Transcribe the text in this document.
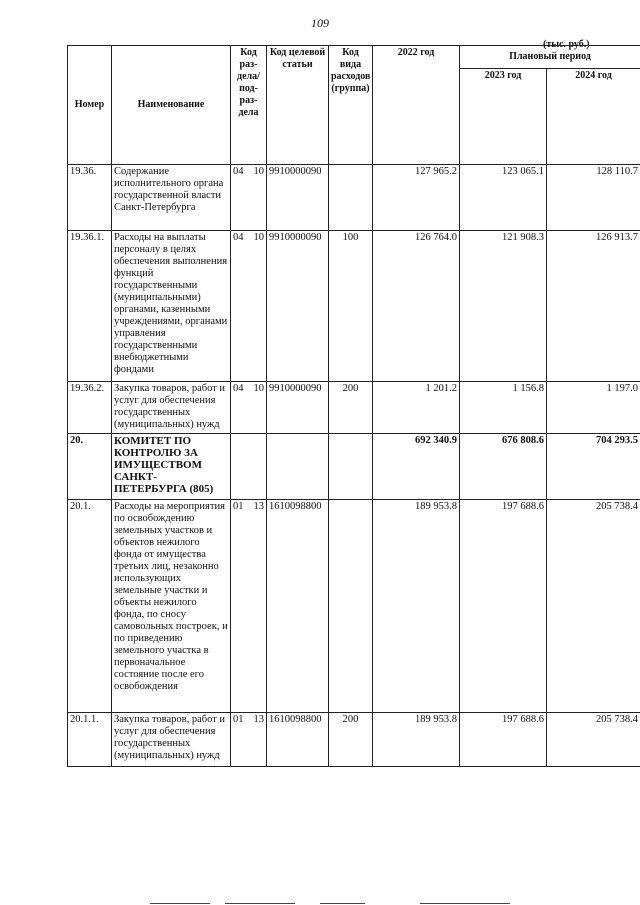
109
(тыс. руб.)
Номер	Наименование	Код раз-дела/под-раз-дела	Код целевой статьи	Код вида расходов (группа)	2022 год	Плановый период	
						2023 год	2024 год
19.36.	Содержание исполнительного органа государственной власти Санкт-Петербурга	04 10	9910000090		127 965.2	123 065.1	128 110.7
19.36.1.	Расходы на выплаты персоналу в целях обеспечения выполнения функций государственными (муниципальными) органами, казенными учреждениями, органами управления государственными внебюджетными фондами	04 10	9910000090	100	126 764.0	121 908.3	126 913.7
19.36.2.	Закупка товаров, работ и услуг для обеспечения государственных (муниципальных) нужд	04 10	9910000090	200	1 201.2	1 156.8	1 197.0
20.	КОМИТЕТ ПО КОНТРОЛЮ ЗА ИМУЩЕСТВОМ САНКТ-ПЕТЕРБУРГА (805)				692 340.9	676 808.6	704 293.5
20.1.	Расходы на мероприятия по освобождению земельных участков и объектов нежилого фонда от имущества третьих лиц, незаконно использующих земельные участки и объекты нежилого фонда, по сносу самовольных построек, и по приведению земельного участка в первоначальное состояние после его освобождения	01 13	1610098800		189 953.8	197 688.6	205 738.4
20.1.1.	Закупка товаров, работ и услуг для обеспечения государственных (муниципальных) нужд	01 13	1610098800	200	189 953.8	197 688.6	205 738.4
